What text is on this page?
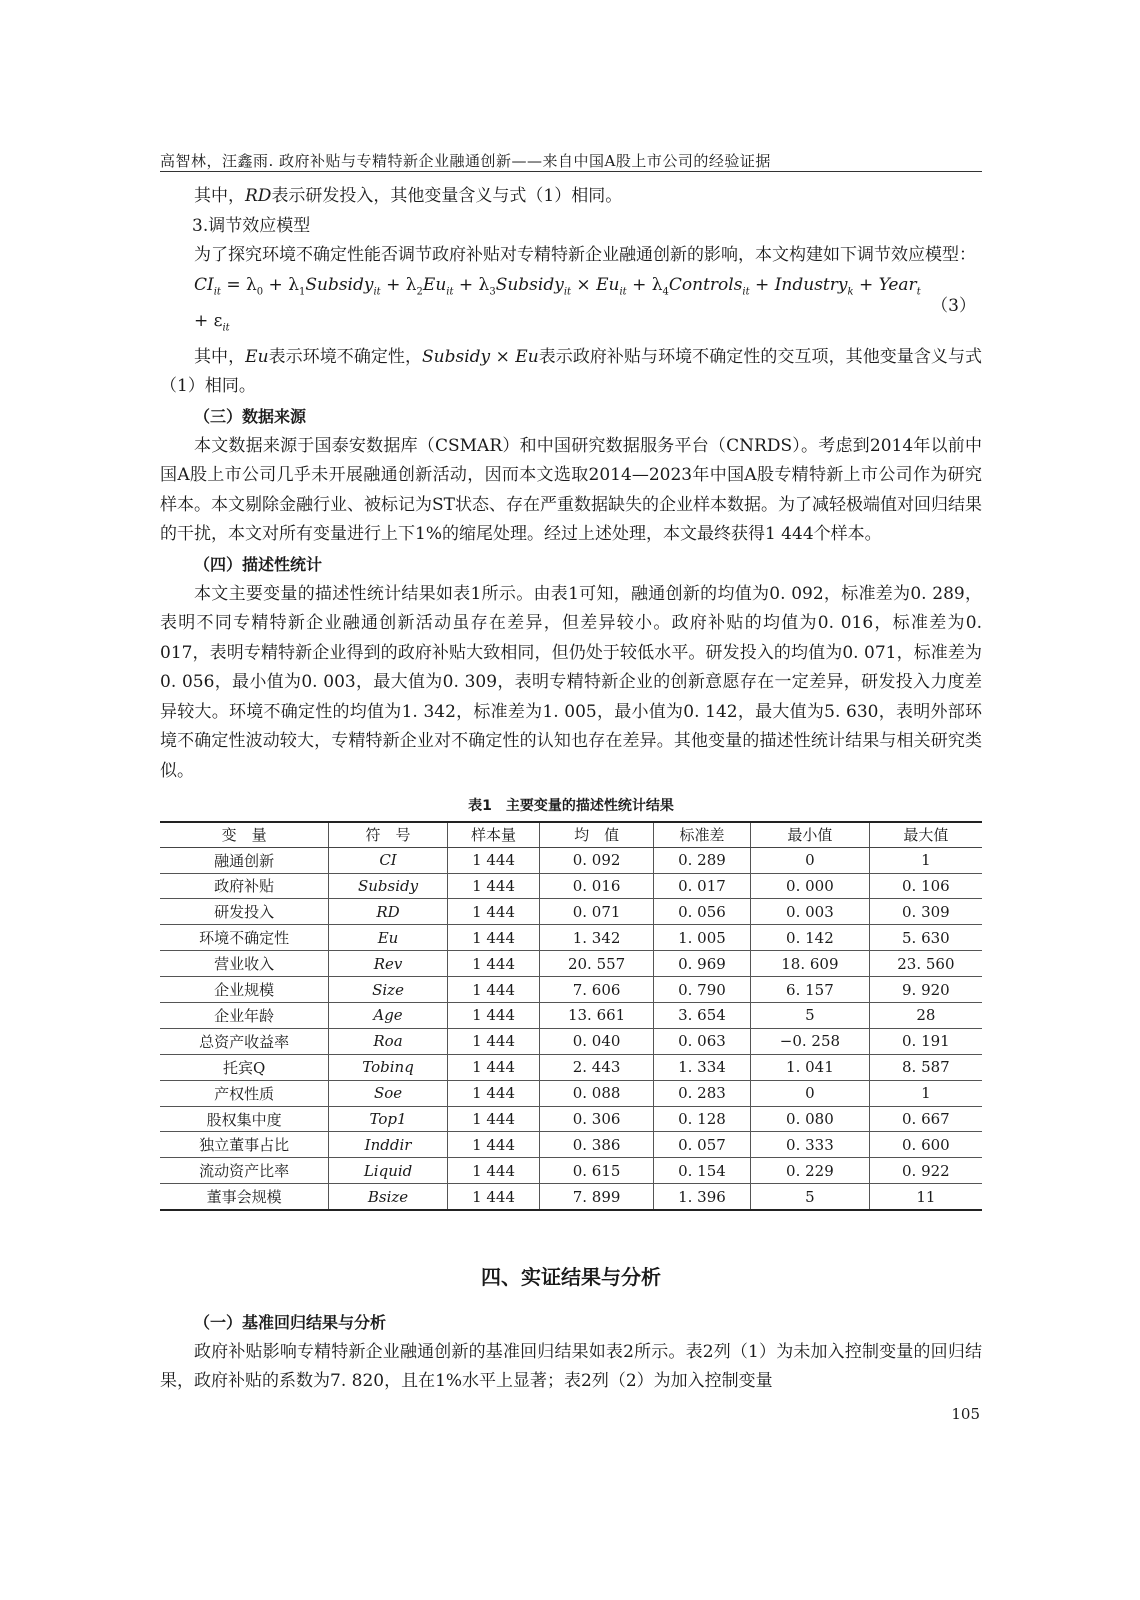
高智林，汪鑫雨. 政府补贴与专精特新企业融通创新——来自中国A股上市公司的经验证据

其中，RD表示研发投入，其他变量含义与式（1）相同。

3.调节效应模型

为了探究环境不确定性能否调节政府补贴对专精特新企业融通创新的影响，本文构建如下调节效应模型：

$CI_{it} = \lambda_0$ + $\lambda_1Subsidy_{it} + \lambda_2Eu_{it}$ + $\lambda_3Subsidy_{it} \times Eu_{it}$ + $\lambda_4Controls_{it}$ + Industry$_k$ + Year$_t$ + $\varepsilon_{it}$
（3）

其中，Eu表示环境不确定性，Subsidy × Eu表示政府补贴与环境不确定性的交互项，其他变量含义与式（1）相同。

（三）数据来源

本文数据来源于国泰安数据库（CSMAR）和中国研究数据服务平台（CNRDS）。考虑到2014年以前中国A股上市公司几乎未开展融通创新活动，因而本文选取2014—2023年中国A股专精特新上市公司作为研究样本。本文剔除金融行业、被标记为ST状态、存在严重数据缺失的企业样本数据。为了减轻极端值对回归结果的干扰，本文对所有变量进行上下1%的缩尾处理。经过上述处理，本文最终获得1 444个样本。

（四）描述性统计

本文主要变量的描述性统计结果如表1所示。由表1可知，融通创新的均值为0. 092，标准差为0. 289，表明不同专精特新企业融通创新活动虽存在差异，但差异较小。政府补贴的均值为0. 016，标准差为0. 017，表明专精特新企业得到的政府补贴大致相同，但仍处于较低水平。研发投入的均值为0. 071，标准差为0. 056，最小值为0. 003，最大值为0. 309，表明专精特新企业的创新意愿存在一定差异，研发投入力度差异较大。环境不确定性的均值为1. 342，标准差为1. 005，最小值为0. 142，最大值为5. 630，表明外部环境不确定性波动较大，专精特新企业对不确定性的认知也存在差异。其他变量的描述性统计结果与相关研究类似。

表1　主要变量的描述性统计结果
变　量	符　号	样本量	均　值	标准差	最小值	最大值
融通创新	CI	1 444	0. 092	0. 289	0	1
政府补贴	Subsidy	1 444	0. 016	0. 017	0. 000	0. 106
研发投入	RD	1 444	0. 071	0. 056	0. 003	0. 309
环境不确定性	Eu	1 444	1. 342	1. 005	0. 142	5. 630
营业收入	Rev	1 444	20. 557	0. 969	18. 609	23. 560
企业规模	Size	1 444	7. 606	0. 790	6. 157	9. 920
企业年龄	Age	1 444	13. 661	3. 654	5	28
总资产收益率	Roa	1 444	0. 040	0. 063	−0. 258	0. 191
托宾Q	Tobinq	1 444	2. 443	1. 334	1. 041	8. 587
产权性质	Soe	1 444	0. 088	0. 283	0	1
股权集中度	Top1	1 444	0. 306	0. 128	0. 080	0. 667
独立董事占比	Inddir	1 444	0. 386	0. 057	0. 333	0. 600
流动资产比率	Liquid	1 444	0. 615	0. 154	0. 229	0. 922
董事会规模	Bsize	1 444	7. 899	1. 396	5	11
四、实证结果与分析

（一）基准回归结果与分析

政府补贴影响专精特新企业融通创新的基准回归结果如表2所示。表2列（1）为未加入控制变量的回归结果，政府补贴的系数为7. 820，且在1%水平上显著；表2列（2）为加入控制变量

105
